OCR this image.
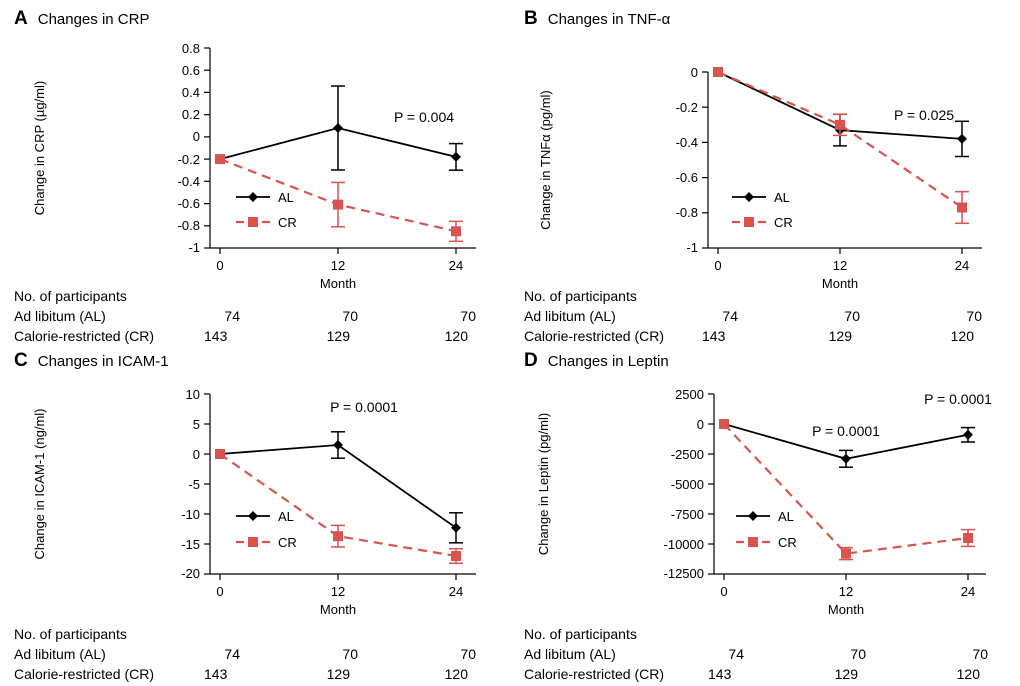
A Changes in CRP
0.8
0.6
0.4
0.2
0
-0.2
-0.4
-0.6
-0.8
-1
0	12	24
Change in CRP (µg/ml)	AL
CR
P = 0.004
Month
No. of participants
Ad libitum (AL)	74	70	70
Calorie-restricted (CR)	143	129	120
B Changes in TNF-α
0
-0.2
-0.4
-0.6
-0.8
-1
0	12	24
Change in TNFα (pg/ml)	AL
CR
P = 0.025
Month
No. of participants
Ad libitum (AL)	74	70	70
Calorie-restricted (CR)	143	129	120
C Changes in ICAM-1
10
5
0
-5
-10
-15
-20
0	12	24
Change in ICAM-1 (ng/ml)	AL
CR
P = 0.0001
Month
No. of participants
Ad libitum (AL)	74	70	70
Calorie-restricted (CR)	143	129	120
D Changes in Leptin
2500
0
-2500
-5000
-7500
-10000
-12500
0	12	24
Change in Leptin (pg/ml)	AL
CR
P = 0.0001
P = 0.0001
Month
No. of participants
Ad libitum (AL)	74	70	70
Calorie-restricted (CR)	143	129	120
